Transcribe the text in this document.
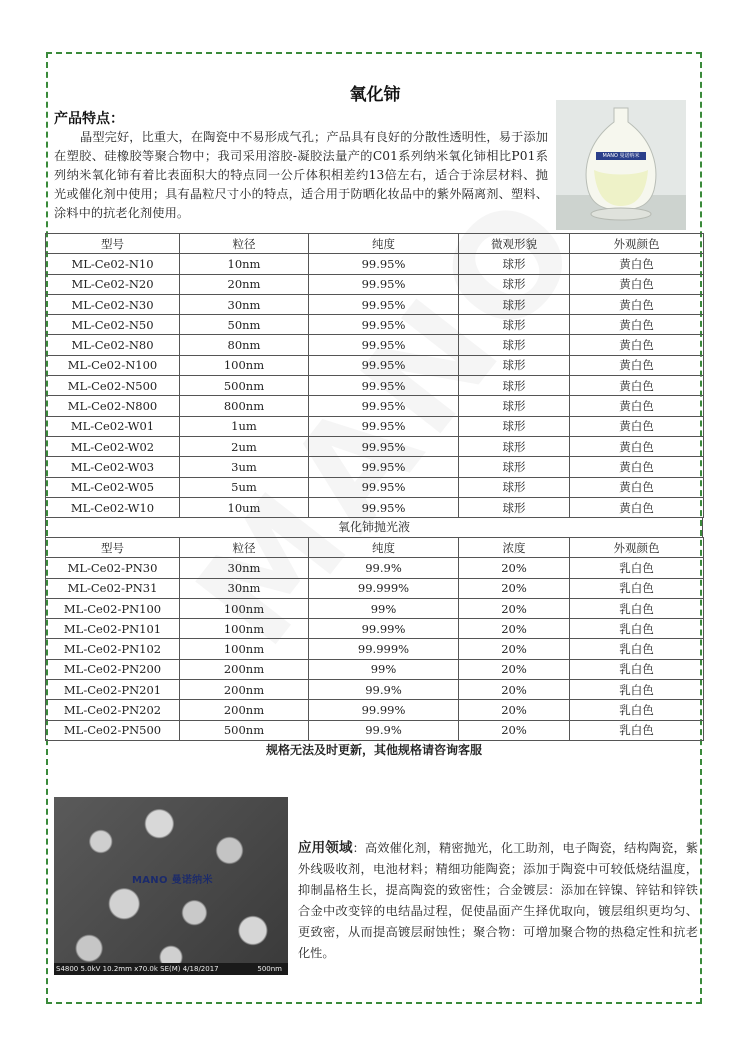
氧化铈
产品特点：
晶型完好，比重大，在陶瓷中不易形成气孔；产品具有良好的分散性透明性，易于添加在塑胶、硅橡胶等聚合物中；我司采用溶胶-凝胶法量产的C01系列纳米氧化铈相比P01系列纳米氧化铈有着比表面积大的特点同一公斤体积相差约13倍左右，适合于涂层材料、抛光或催化剂中使用；具有晶粒尺寸小的特点，适合用于防晒化妆品中的紫外隔离剂、塑料、涂料中的抗老化剂使用。
MANO 曼诺纳米
型号	粒径	纯度	微观形貌	外观颜色
ML-Ce02-N10	10nm	99.95%	球形	黄白色
ML-Ce02-N20	20nm	99.95%	球形	黄白色
ML-Ce02-N30	30nm	99.95%	球形	黄白色
ML-Ce02-N50	50nm	99.95%	球形	黄白色
ML-Ce02-N80	80nm	99.95%	球形	黄白色
ML-Ce02-N100	100nm	99.95%	球形	黄白色
ML-Ce02-N500	500nm	99.95%	球形	黄白色
ML-Ce02-N800	800nm	99.95%	球形	黄白色
ML-Ce02-W01	1um	99.95%	球形	黄白色
ML-Ce02-W02	2um	99.95%	球形	黄白色
ML-Ce02-W03	3um	99.95%	球形	黄白色
ML-Ce02-W05	5um	99.95%	球形	黄白色
ML-Ce02-W10	10um	99.95%	球形	黄白色
氧化铈抛光液
型号	粒径	纯度	浓度	外观颜色
ML-Ce02-PN30	30nm	99.9%	20%	乳白色
ML-Ce02-PN31	30nm	99.999%	20%	乳白色
ML-Ce02-PN100	100nm	99%	20%	乳白色
ML-Ce02-PN101	100nm	99.99%	20%	乳白色
ML-Ce02-PN102	100nm	99.999%	20%	乳白色
ML-Ce02-PN200	200nm	99%	20%	乳白色
ML-Ce02-PN201	200nm	99.9%	20%	乳白色
ML-Ce02-PN202	200nm	99.99%	20%	乳白色
ML-Ce02-PN500	500nm	99.9%	20%	乳白色
规格无法及时更新，其他规格请咨询客服
MANO 曼诺纳米
S4800 5.0kV 10.2mm x70.0k SE(M) 4/18/2017	500nm
应用领域：高效催化剂，精密抛光，化工助剂，电子陶瓷，结构陶瓷，紫外线吸收剂，电池材料；精细功能陶瓷；添加于陶瓷中可较低烧结温度，抑制晶格生长，提高陶瓷的致密性；合金镀层：添加在锌镍、锌钴和锌铁合金中改变锌的电结晶过程，促使晶面产生择优取向，镀层组织更均匀、更致密，从而提高镀层耐蚀性；聚合物：可增加聚合物的热稳定性和抗老化性。
